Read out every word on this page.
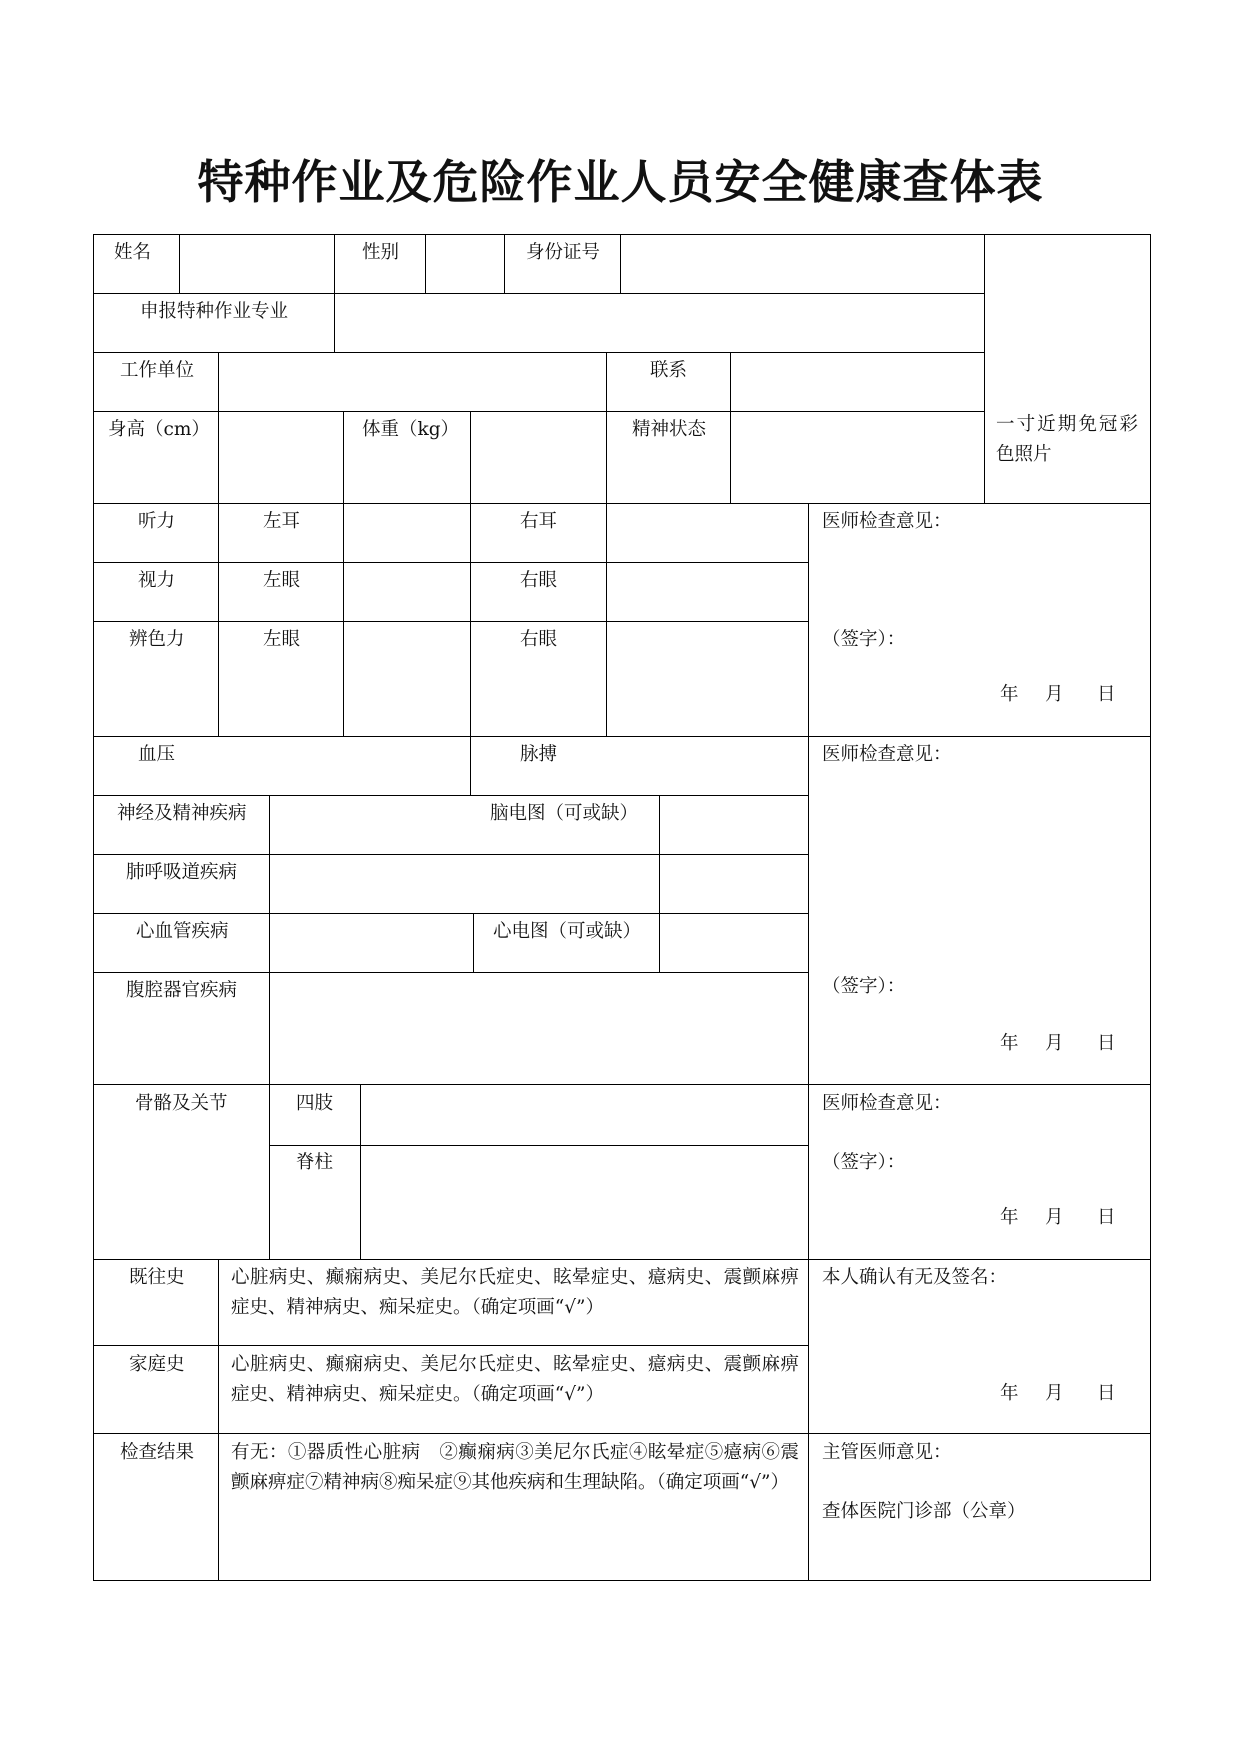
特种作业及危险作业人员安全健康查体表
姓名	性别	身份证号
一寸近期免冠彩色照片
申报特种作业专业
工作单位	联系
身高（cm）	体重（kg）	精神状态
听力	左耳	右耳
视力	左眼	右眼
辨色力	左眼	右眼
医师检查意见：
（签字）：
年 月 日
血压	脉搏
神经及精神疾病	脑电图（可或缺）
肺呼吸道疾病
心血管疾病	心电图（可或缺）
腹腔器官疾病
医师检查意见：
（签字）：
年 月 日
骨骼及关节	四肢
脊柱
医师检查意见：
（签字）：
年 月 日
既往史	心脏病史、癫痫病史、美尼尔氏症史、眩晕症史、癔病史、震颤麻痹症史、精神病史、痴呆症史。（确定项画“√”）
家庭史	心脏病史、癫痫病史、美尼尔氏症史、眩晕症史、癔病史、震颤麻痹症史、精神病史、痴呆症史。（确定项画“√”）
本人确认有无及签名：
年 月 日
检查结果 有无：①器质性心脏病　②癫痫病③美尼尔氏症④眩晕症⑤癔病⑥震颤麻痹症⑦精神病⑧痴呆症⑨其他疾病和生理缺陷。（确定项画“√”）
主管医师意见：
查体医院门诊部（公章）
